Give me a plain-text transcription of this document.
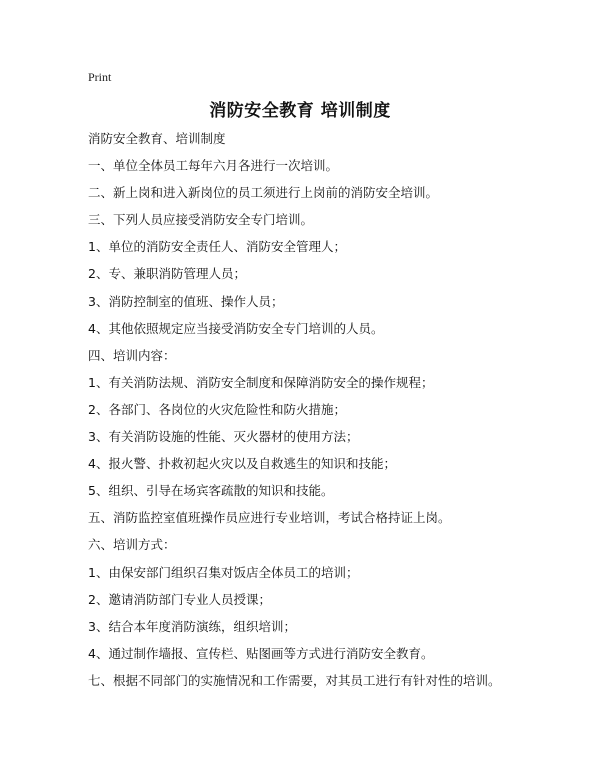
Print
消防安全教育 培训制度
消防安全教育、培训制度
一、单位全体员工每年六月各进行一次培训。
二、新上岗和进入新岗位的员工须进行上岗前的消防安全培训。
三、下列人员应接受消防安全专门培训。
1、单位的消防安全责任人、消防安全管理人；
2、专、兼职消防管理人员；
3、消防控制室的值班、操作人员；
4、其他依照规定应当接受消防安全专门培训的人员。
四、培训内容：
1、有关消防法规、消防安全制度和保障消防安全的操作规程；
2、各部门、各岗位的火灾危险性和防火措施；
3、有关消防设施的性能、灭火器材的使用方法；
4、报火警、扑救初起火灾以及自救逃生的知识和技能；
5、组织、引导在场宾客疏散的知识和技能。
五、消防监控室值班操作员应进行专业培训，考试合格持证上岗。
六、培训方式：
1、由保安部门组织召集对饭店全体员工的培训；
2、邀请消防部门专业人员授课；
3、结合本年度消防演练，组织培训；
4、通过制作墙报、宣传栏、贴图画等方式进行消防安全教育。
七、根据不同部门的实施情况和工作需要，对其员工进行有针对性的培训。
